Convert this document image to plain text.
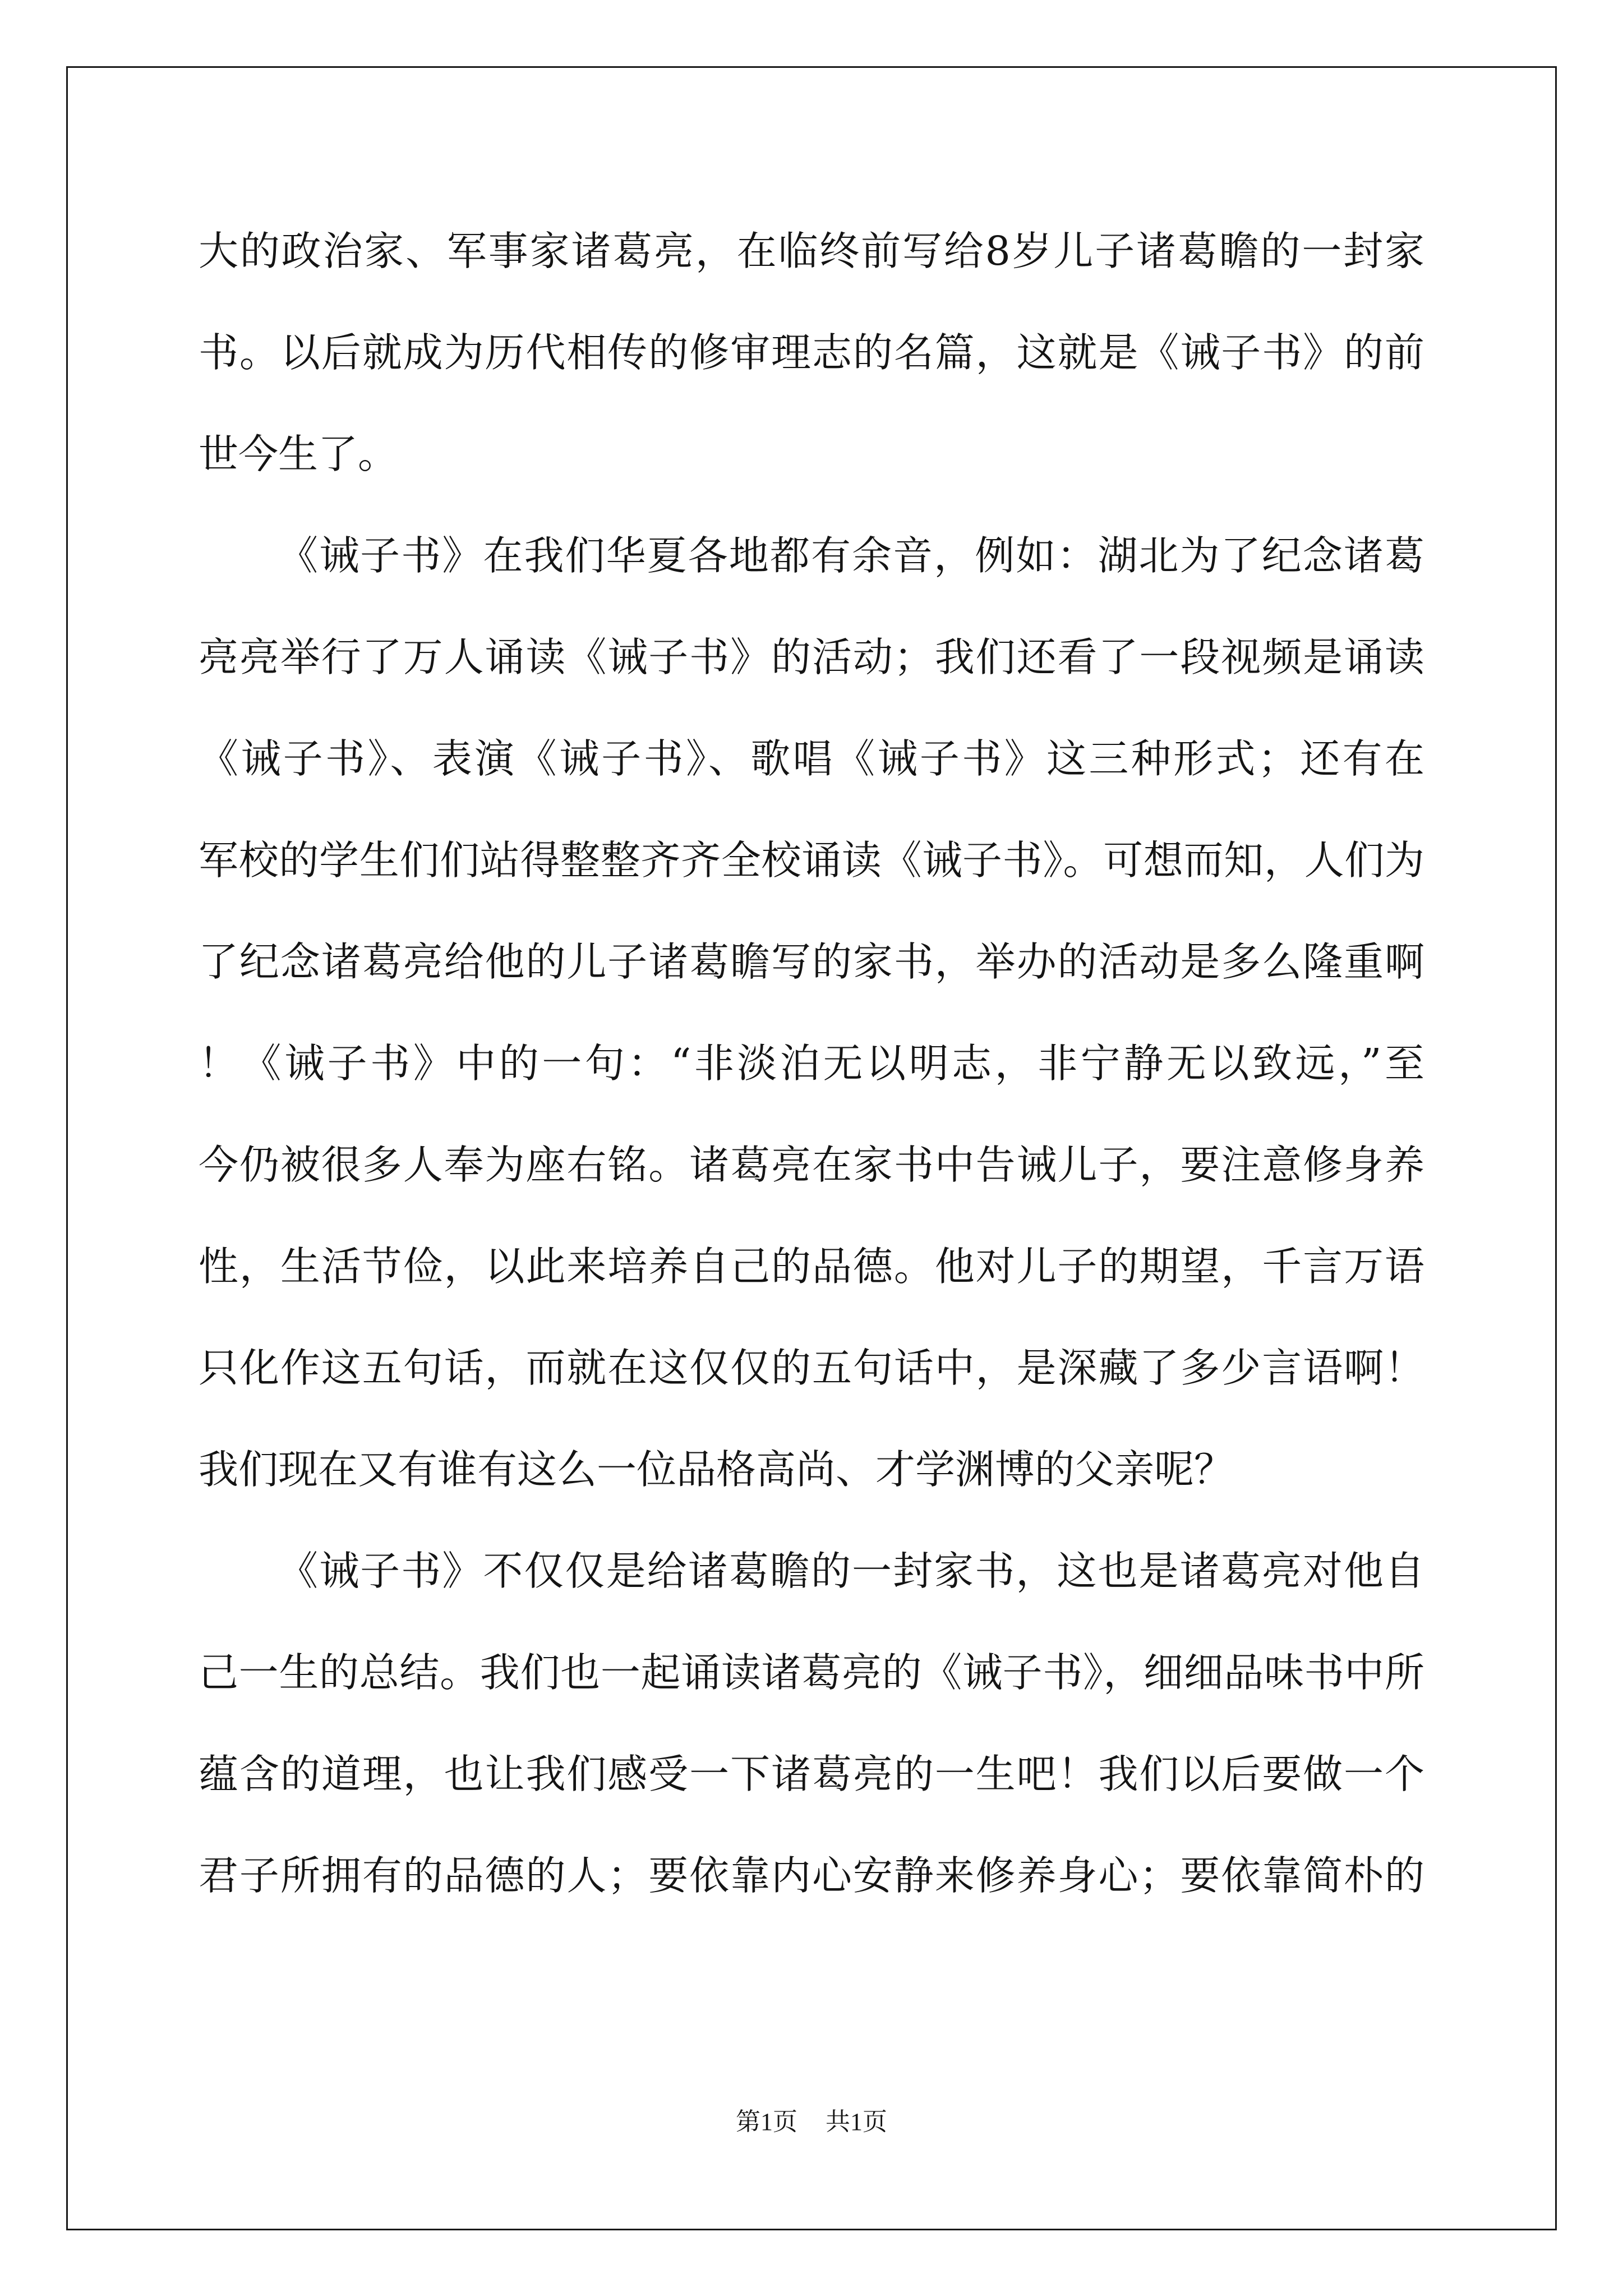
大的政治家、军事家诸葛亮，在临终前写给8岁儿子诸葛瞻的一封家
书。以后就成为历代相传的修审理志的名篇，这就是《诫子书》的前
世今生了。
《诫子书》在我们华夏各地都有余音，例如：湖北为了纪念诸葛
亮亮举行了万人诵读《诫子书》的活动；我们还看了一段视频是诵读
《诫子书》、表演《诫子书》、歌唱《诫子书》这三种形式；还有在
军校的学生们们站得整整齐齐全校诵读《诫子书》。可想而知，人们为
了纪念诸葛亮给他的儿子诸葛瞻写的家书，举办的活动是多么隆重啊
！《诫子书》中的一句：“非淡泊无以明志，非宁静无以致远，”至
今仍被很多人奉为座右铭。诸葛亮在家书中告诫儿子，要注意修身养
性，生活节俭，以此来培养自己的品德。他对儿子的期望，千言万语
只化作这五句话，而就在这仅仅的五句话中，是深藏了多少言语啊！
我们现在又有谁有这么一位品格高尚、才学渊博的父亲呢？
《诫子书》不仅仅是给诸葛瞻的一封家书，这也是诸葛亮对他自
己一生的总结。我们也一起诵读诸葛亮的《诫子书》，细细品味书中所
蕴含的道理，也让我们感受一下诸葛亮的一生吧！我们以后要做一个
君子所拥有的品德的人；要依靠内心安静来修养身心；要依靠简朴的
第1页 共1页
